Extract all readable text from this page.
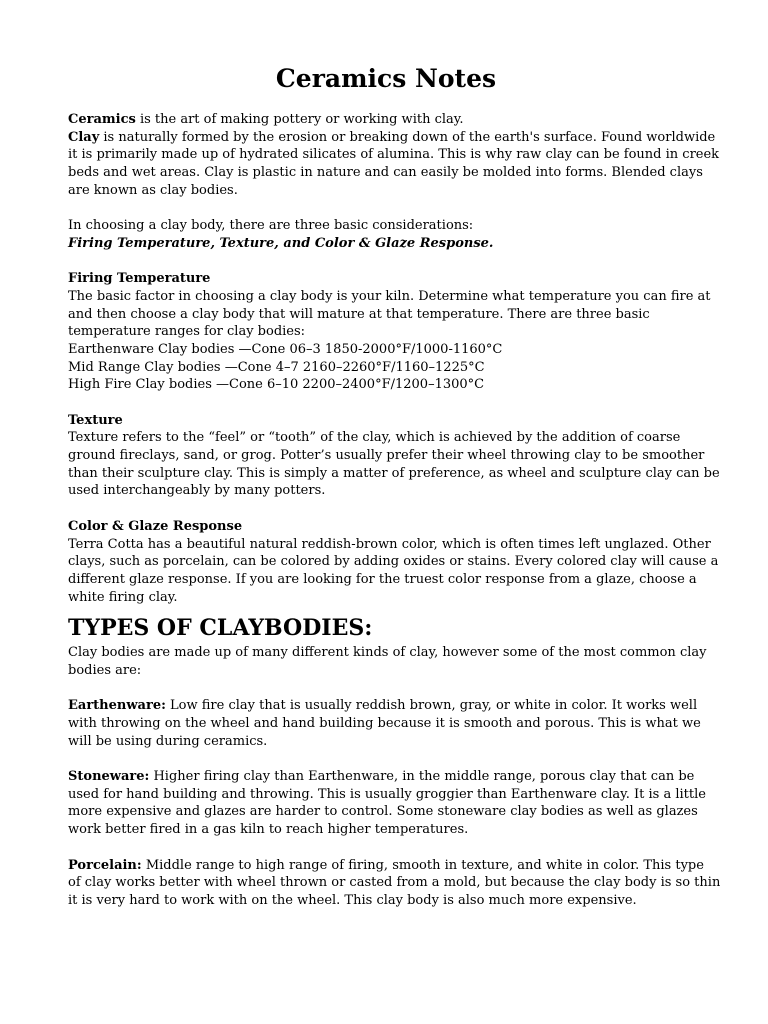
Ceramics Notes
Ceramics is the art of making pottery or working with clay.
Clay is naturally formed by the erosion or breaking down of the earth's surface. Found worldwide
it is primarily made up of hydrated silicates of alumina. This is why raw clay can be found in creek
beds and wet areas. Clay is plastic in nature and can easily be molded into forms. Blended clays
are known as clay bodies.
In choosing a clay body, there are three basic considerations:
Firing Temperature, Texture, and Color & Glaze Response.
Firing Temperature
The basic factor in choosing a clay body is your kiln. Determine what temperature you can fire at
and then choose a clay body that will mature at that temperature. There are three basic
temperature ranges for clay bodies:
Earthenware Clay bodies —Cone 06–3 1850-2000°F/1000-1160°C
Mid Range Clay bodies —Cone 4–7 2160–2260°F/1160–1225°C
High Fire Clay bodies —Cone 6–10 2200–2400°F/1200–1300°C
Texture
Texture refers to the “feel” or “tooth” of the clay, which is achieved by the addition of coarse
ground fireclays, sand, or grog. Potter’s usually prefer their wheel throwing clay to be smoother
than their sculpture clay. This is simply a matter of preference, as wheel and sculpture clay can be
used interchangeably by many potters.
Color & Glaze Response
Terra Cotta has a beautiful natural reddish-brown color, which is often times left unglazed. Other
clays, such as porcelain, can be colored by adding oxides or stains. Every colored clay will cause a
different glaze response. If you are looking for the truest color response from a glaze, choose a
white firing clay.
TYPES OF CLAYBODIES:
Clay bodies are made up of many different kinds of clay, however some of the most common clay
bodies are:
Earthenware: Low fire clay that is usually reddish brown, gray, or white in color. It works well
with throwing on the wheel and hand building because it is smooth and porous. This is what we
will be using during ceramics.
Stoneware: Higher firing clay than Earthenware, in the middle range, porous clay that can be
used for hand building and throwing. This is usually groggier than Earthenware clay. It is a little
more expensive and glazes are harder to control. Some stoneware clay bodies as well as glazes
work better fired in a gas kiln to reach higher temperatures.
Porcelain: Middle range to high range of firing, smooth in texture, and white in color. This type
of clay works better with wheel thrown or casted from a mold, but because the clay body is so thin
it is very hard to work with on the wheel. This clay body is also much more expensive.
